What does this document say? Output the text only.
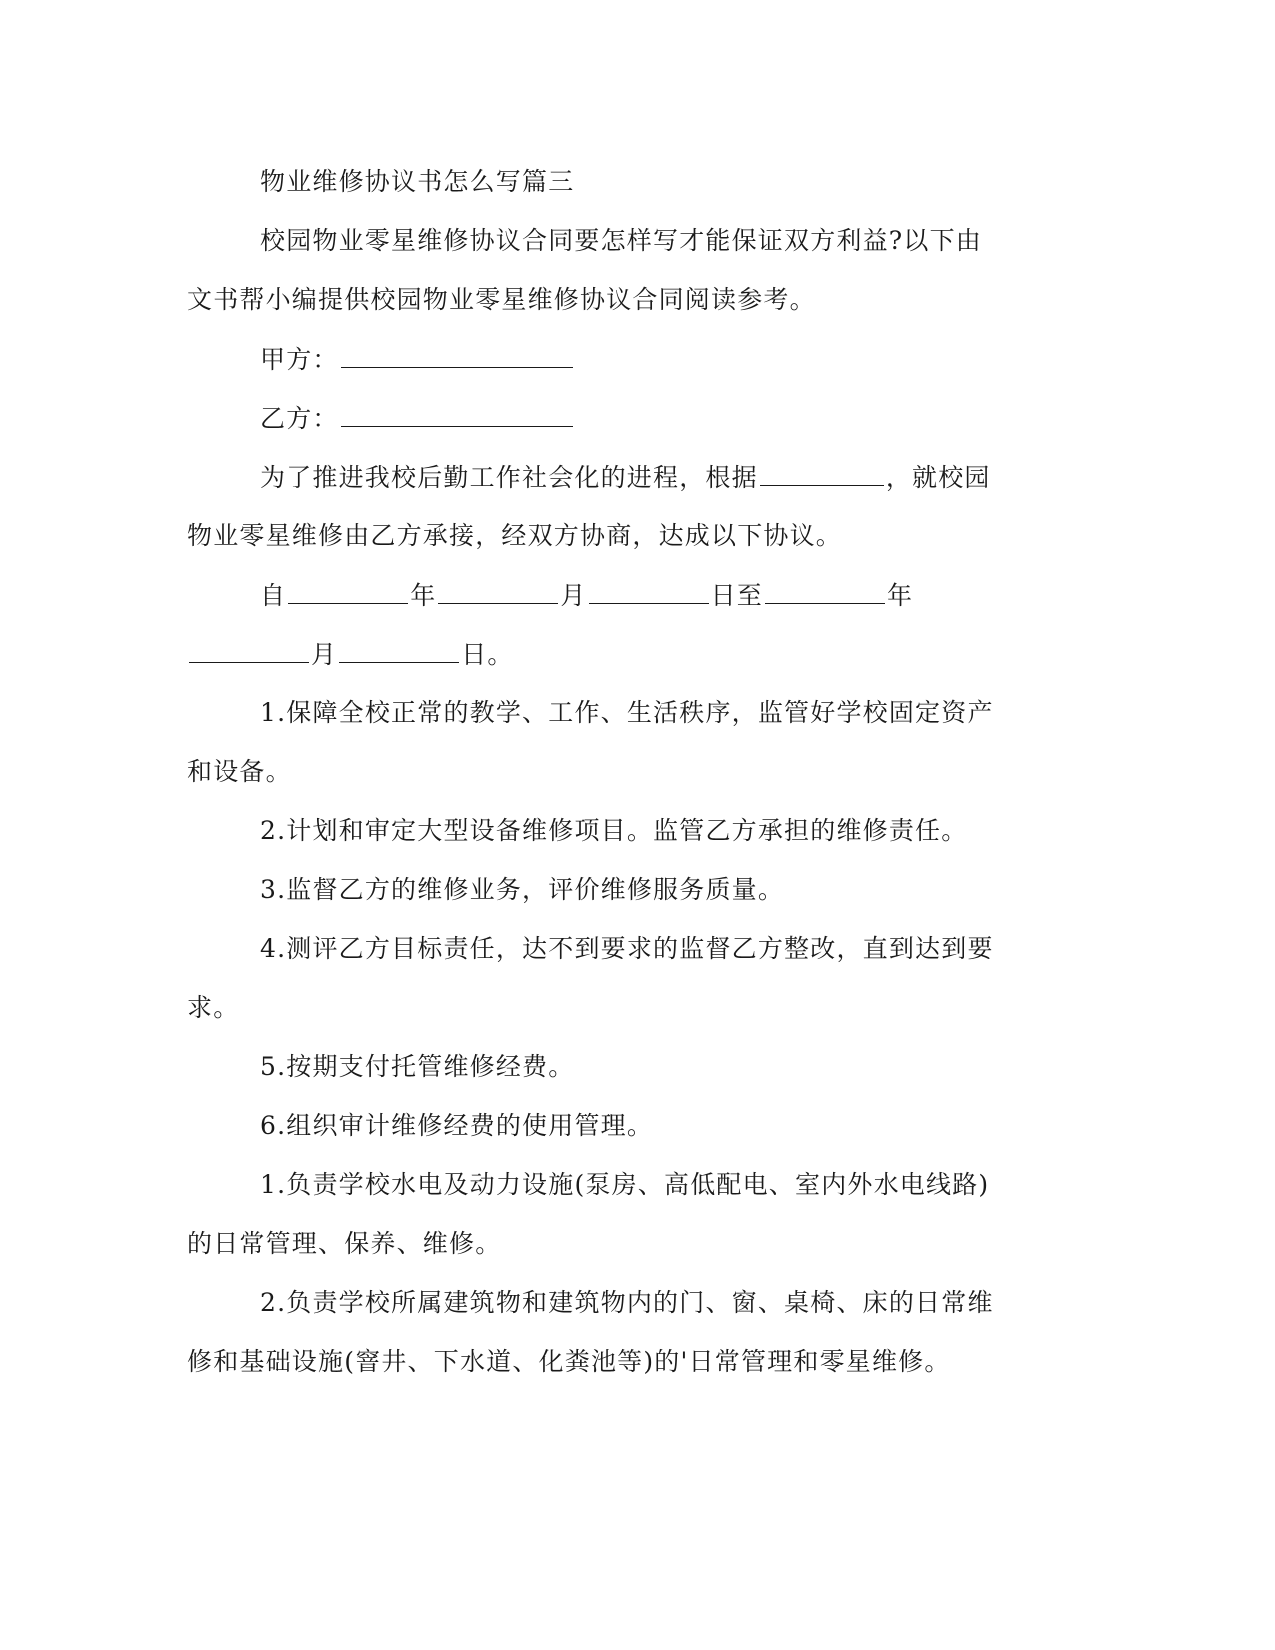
物业维修协议书怎么写篇三
校园物业零星维修协议合同要怎样写才能保证双方利益?以下由
文书帮小编提供校园物业零星维修协议合同阅读参考。
甲方：
乙方：
为了推进我校后勤工作社会化的进程，根据	，就校园
物业零星维修由乙方承接，经双方协商，达成以下协议。
自	年	月	日至	年
月	日。
1.保障全校正常的教学、工作、生活秩序，监管好学校固定资产
和设备。
2.计划和审定大型设备维修项目。监管乙方承担的维修责任。
3.监督乙方的维修业务，评价维修服务质量。
4.测评乙方目标责任，达不到要求的监督乙方整改，直到达到要
求。
5.按期支付托管维修经费。
6.组织审计维修经费的使用管理。
1.负责学校水电及动力设施(泵房、高低配电、室内外水电线路)
的日常管理、保养、维修。
2.负责学校所属建筑物和建筑物内的门、窗、桌椅、床的日常维
修和基础设施(窨井、下水道、化粪池等)的'日常管理和零星维修。
